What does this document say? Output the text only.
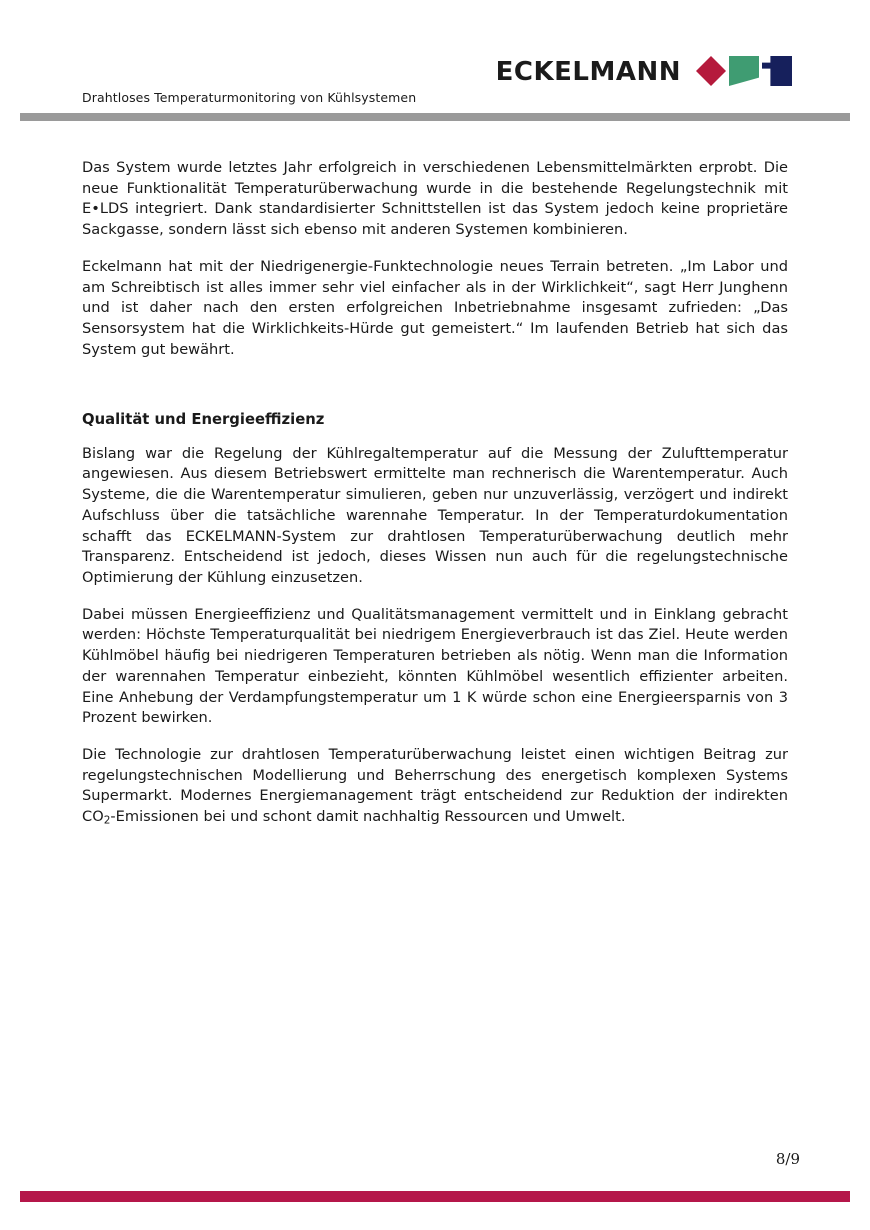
ECKELMANN
Drahtloses Temperaturmonitoring von Kühlsystemen

Das System wurde letztes Jahr erfolgreich in verschiedenen Lebensmittelmärkten erprobt. Die neue Funktionalität Temperaturüberwachung wurde in die bestehende Regelungstechnik mit E•LDS integriert. Dank standardisierter Schnittstellen ist das System jedoch keine proprietäre Sackgasse, sondern lässt sich ebenso mit anderen Systemen kombinieren.

Eckelmann hat mit der Niedrigenergie-Funktechnologie neues Terrain betreten. „Im Labor und am Schreibtisch ist alles immer sehr viel einfacher als in der Wirklichkeit“, sagt Herr Junghenn und ist daher nach den ersten erfolgreichen Inbetriebnahme insgesamt zufrieden: „Das Sensorsystem hat die Wirklichkeits-Hürde gut gemeistert.“ Im laufenden Betrieb hat sich das System gut bewährt.

Qualität und Energieeffizienz

Bislang war die Regelung der Kühlregaltemperatur auf die Messung der Zulufttemperatur angewiesen. Aus diesem Betriebswert ermittelte man rechnerisch die Warentemperatur. Auch Systeme, die die Warentemperatur simulieren, geben nur unzuverlässig, verzögert und indirekt Aufschluss über die tatsächliche warennahe Temperatur. In der Temperaturdokumentation schafft das ECKELMANN-System zur drahtlosen Temperaturüberwachung deutlich mehr Transparenz. Entscheidend ist jedoch, dieses Wissen nun auch für die regelungstechnische Optimierung der Kühlung einzusetzen.

Dabei müssen Energieeffizienz und Qualitätsmanagement vermittelt und in Einklang gebracht werden: Höchste Temperaturqualität bei niedrigem Energieverbrauch ist das Ziel. Heute werden Kühlmöbel häufig bei niedrigeren Temperaturen betrieben als nötig. Wenn man die Information der warennahen Temperatur einbezieht, könnten Kühlmöbel wesentlich effizienter arbeiten. Eine Anhebung der Verdampfungstemperatur um 1 K würde schon eine Energieersparnis von 3 Prozent bewirken.

Die Technologie zur drahtlosen Temperaturüberwachung leistet einen wichtigen Beitrag zur regelungstechnischen Modellierung und Beherrschung des energetisch komplexen Systems Supermarkt. Modernes Energiemanagement trägt entscheidend zur Reduktion der indirekten $CO_2$-Emissionen bei und schont damit nachhaltig Ressourcen und Umwelt.

8/9
